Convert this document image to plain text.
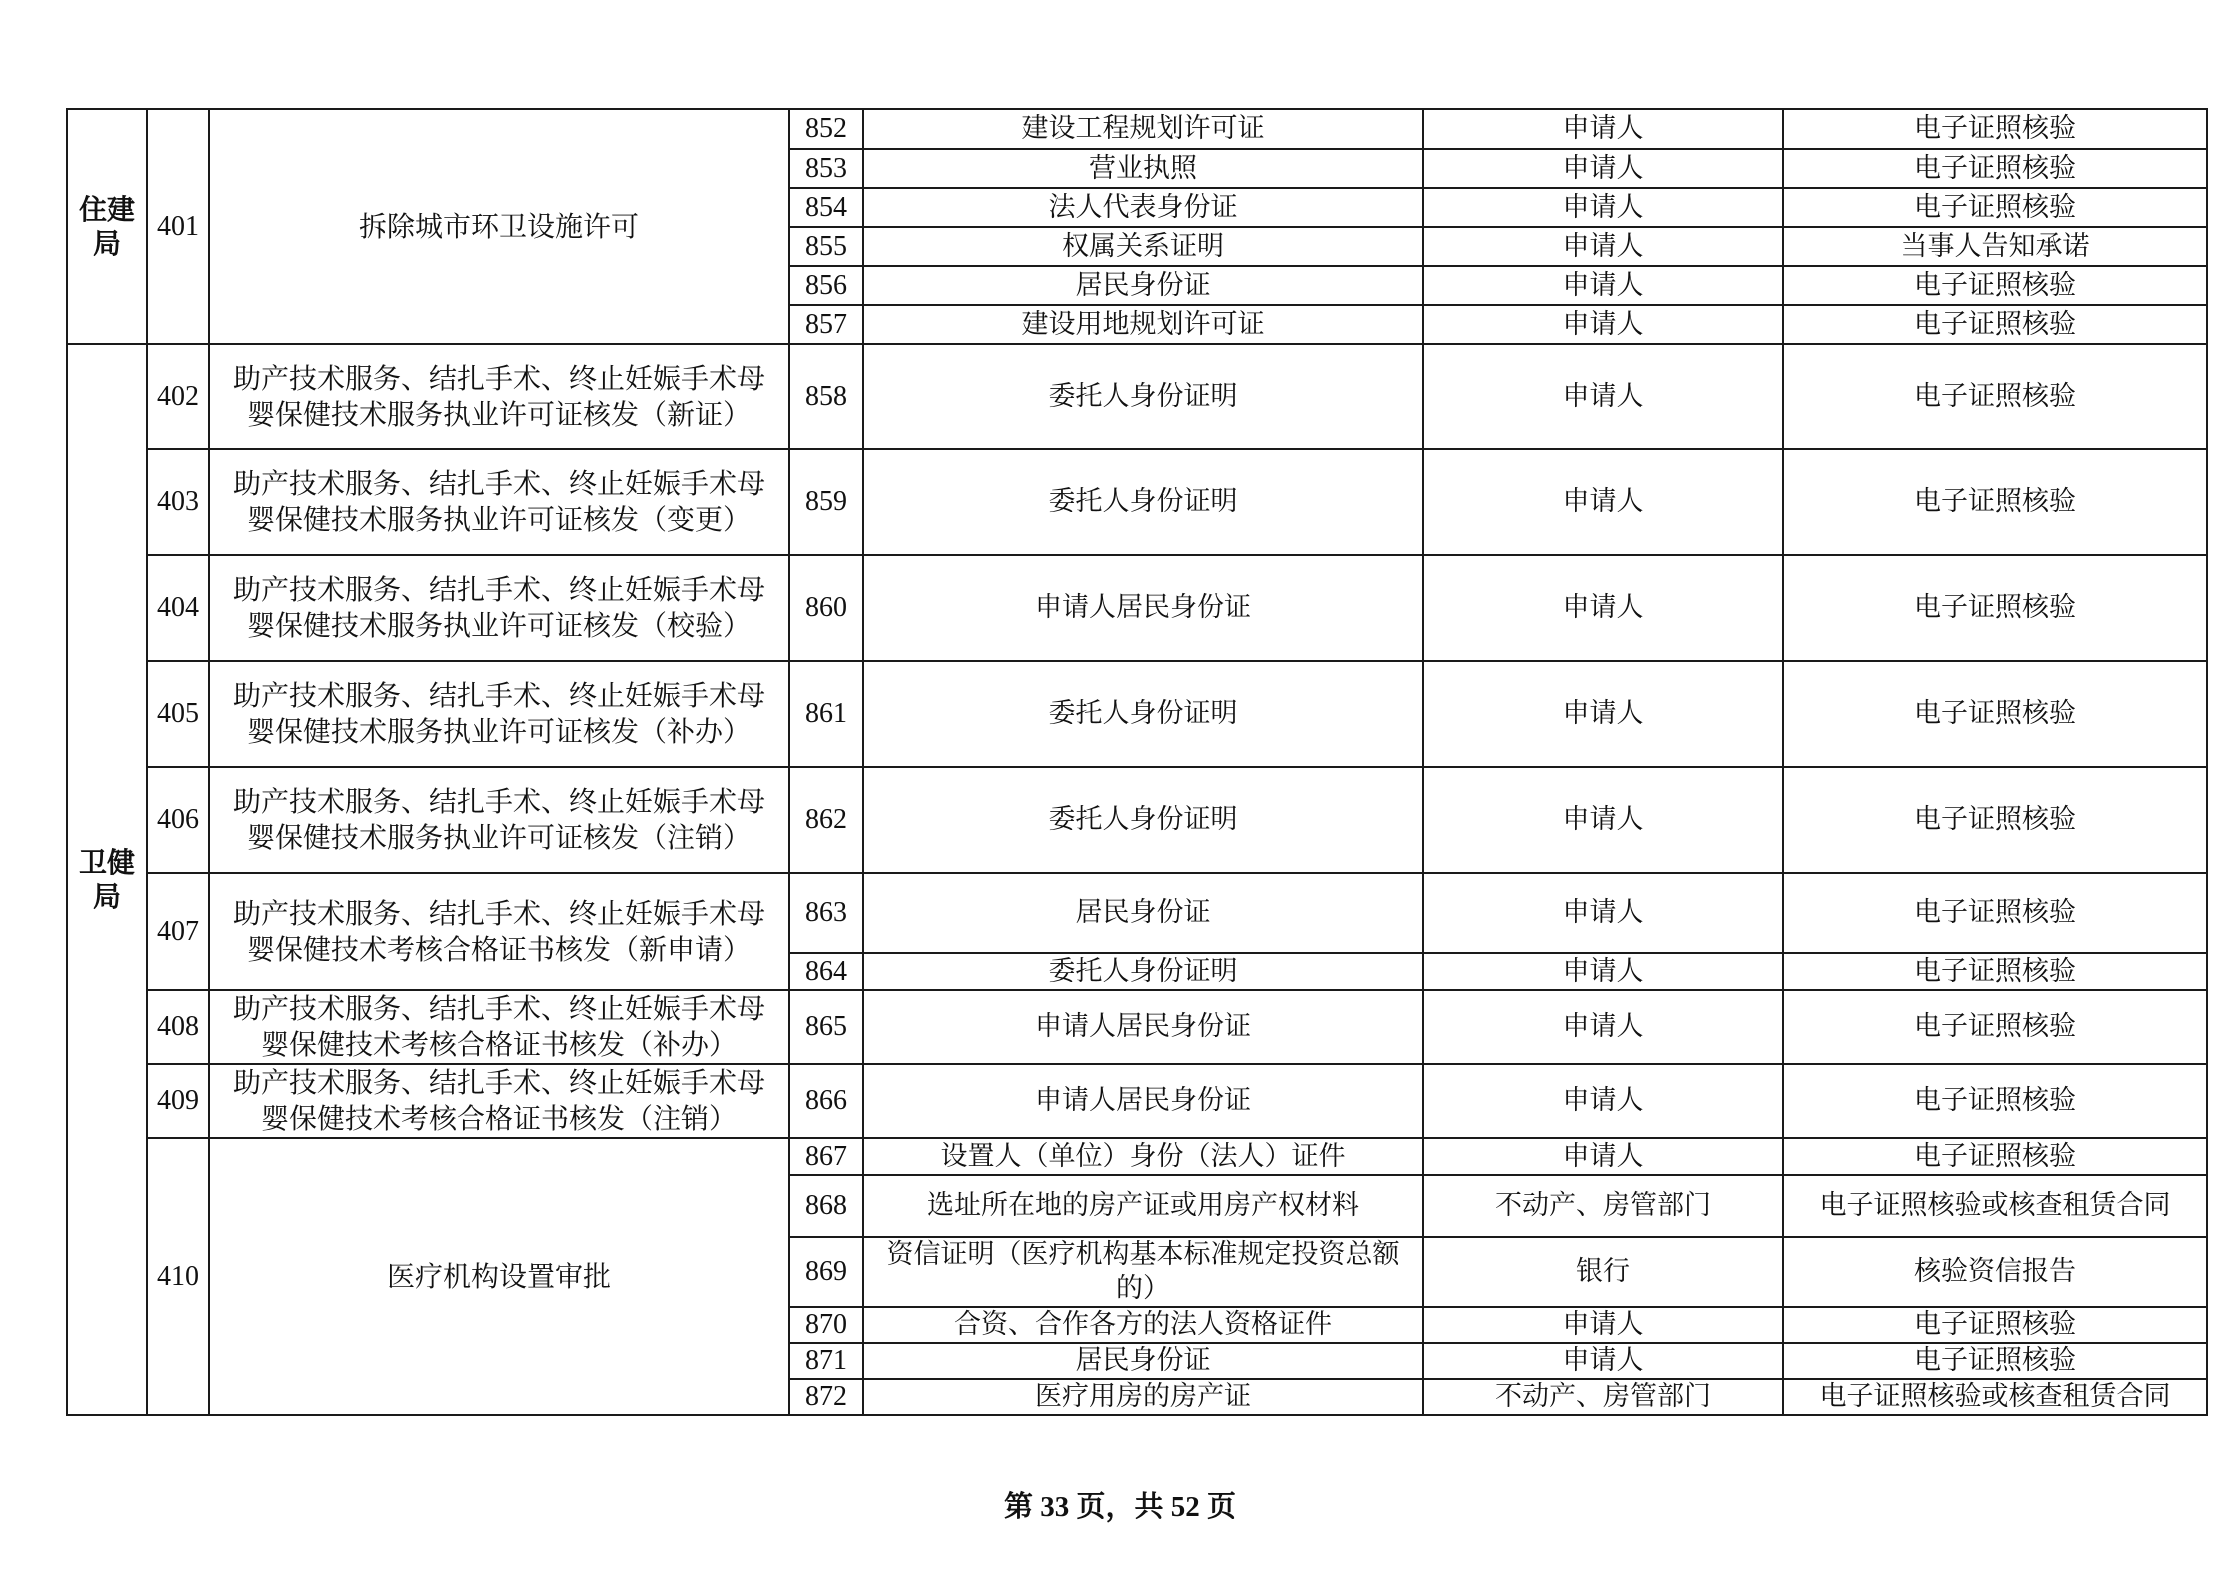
住建局	401	拆除城市环卫设施许可	852	建设工程规划许可证	申请人	电子证照核验
			853	营业执照	申请人	电子证照核验
			854	法人代表身份证	申请人	电子证照核验
			855	权属关系证明	申请人	当事人告知承诺
			856	居民身份证	申请人	电子证照核验
			857	建设用地规划许可证	申请人	电子证照核验
卫健局	402	助产技术服务、结扎手术、终止妊娠手术母婴保健技术服务执业许可证核发（新证）	858	委托人身份证明	申请人	电子证照核验
	403	助产技术服务、结扎手术、终止妊娠手术母婴保健技术服务执业许可证核发（变更）	859	委托人身份证明	申请人	电子证照核验
	404	助产技术服务、结扎手术、终止妊娠手术母婴保健技术服务执业许可证核发（校验）	860	申请人居民身份证	申请人	电子证照核验
	405	助产技术服务、结扎手术、终止妊娠手术母婴保健技术服务执业许可证核发（补办）	861	委托人身份证明	申请人	电子证照核验
	406	助产技术服务、结扎手术、终止妊娠手术母婴保健技术服务执业许可证核发（注销）	862	委托人身份证明	申请人	电子证照核验
	407	助产技术服务、结扎手术、终止妊娠手术母婴保健技术考核合格证书核发（新申请）	863	居民身份证	申请人	电子证照核验
			864	委托人身份证明	申请人	电子证照核验
	408	助产技术服务、结扎手术、终止妊娠手术母婴保健技术考核合格证书核发（补办）	865	申请人居民身份证	申请人	电子证照核验
	409	助产技术服务、结扎手术、终止妊娠手术母婴保健技术考核合格证书核发（注销）	866	申请人居民身份证	申请人	电子证照核验
	410	医疗机构设置审批	867	设置人（单位）身份（法人）证件	申请人	电子证照核验
			868	选址所在地的房产证或用房产权材料	不动产、房管部门	电子证照核验或核查租赁合同
			869	资信证明（医疗机构基本标准规定投资总额的）	银行	核验资信报告
			870	合资、合作各方的法人资格证件	申请人	电子证照核验
			871	居民身份证	申请人	电子证照核验
			872	医疗用房的房产证	不动产、房管部门	电子证照核验或核查租赁合同
第 33 页，共 52 页
